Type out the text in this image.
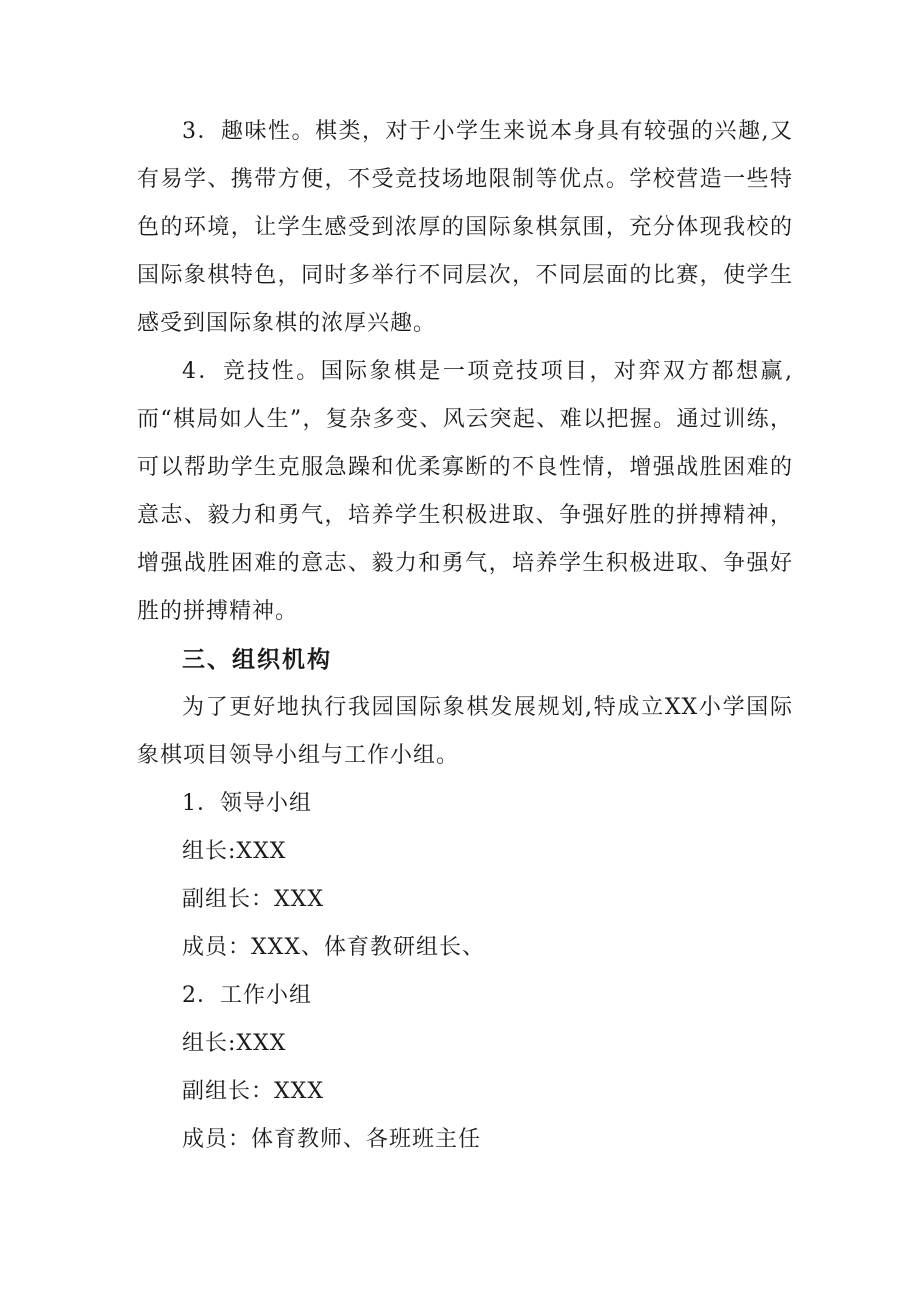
3．趣味性。棋类，对于小学生来说本身具有较强的兴趣,又有易学、携带方便，不受竞技场地限制等优点。学校营造一些特色的环境，让学生感受到浓厚的国际象棋氛围，充分体现我校的国际象棋特色，同时多举行不同层次，不同层面的比赛，使学生感受到国际象棋的浓厚兴趣。

4．竞技性。国际象棋是一项竞技项目，对弈双方都想赢,而“棋局如人生”，复杂多变、风云突起、难以把握。通过训练，可以帮助学生克服急躁和优柔寡断的不良性情，增强战胜困难的意志、毅力和勇气，培养学生积极进取、争强好胜的拼搏精神，增强战胜困难的意志、毅力和勇气，培养学生积极进取、争强好胜的拼搏精神。

三、组织机构

为了更好地执行我园国际象棋发展规划,特成立XX小学国际象棋项目领导小组与工作小组。

1．领导小组

组长:XXX

副组长：XXX

成员：XXX、体育教研组长、

2．工作小组

组长:XXX

副组长：XXX

成员：体育教师、各班班主任
